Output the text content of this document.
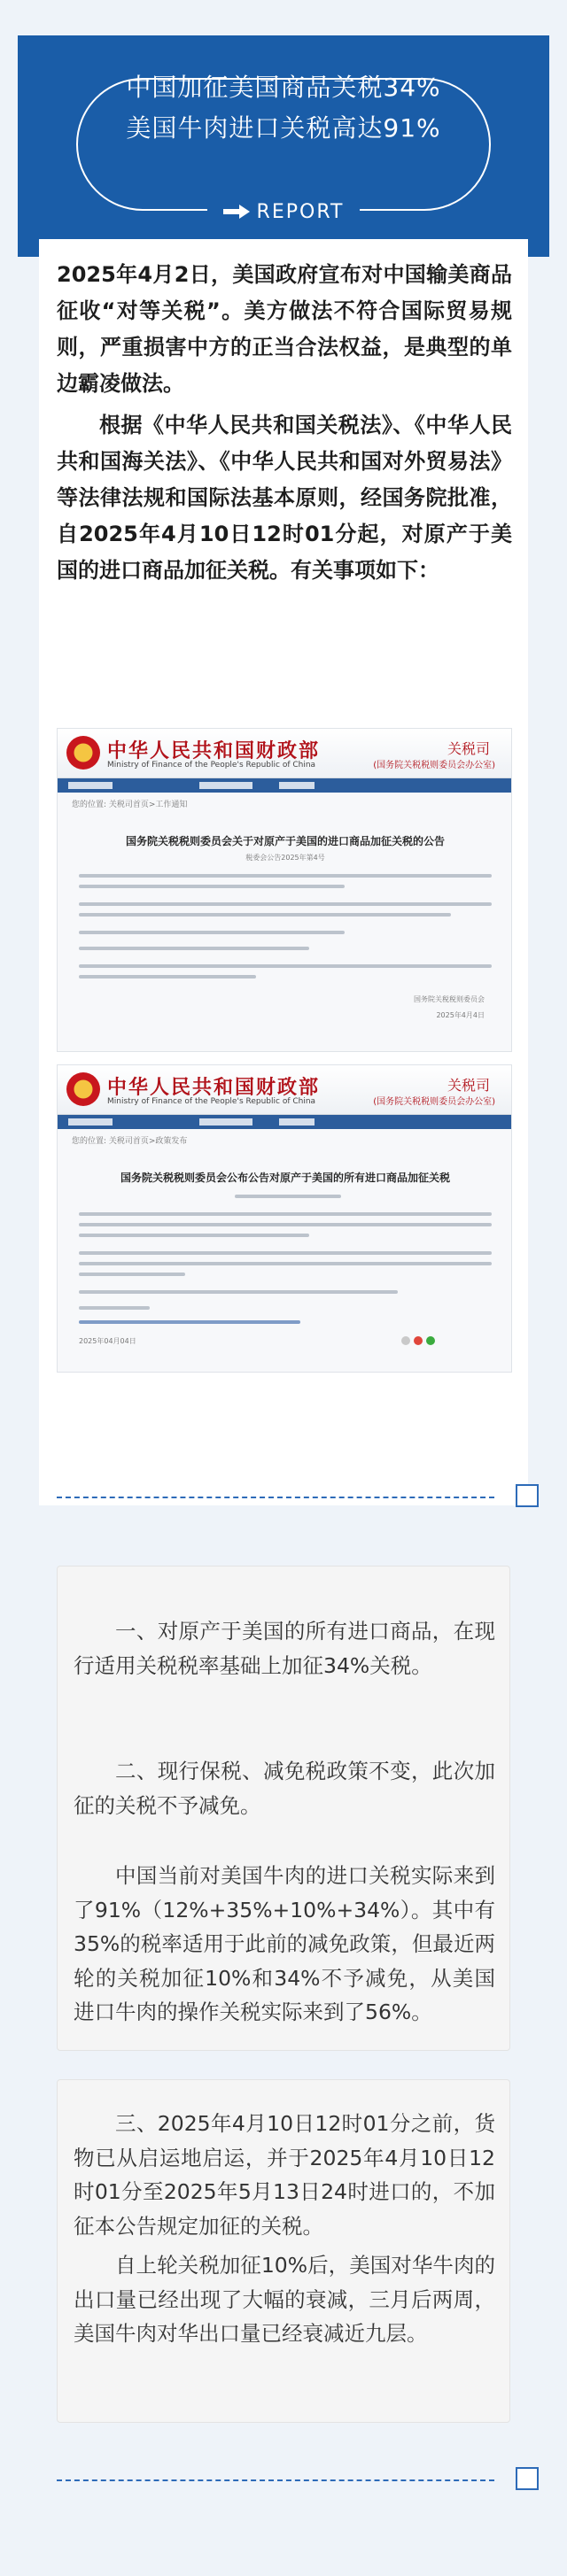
中国加征美国商品关税34%
美国牛肉进口关税高达91%
REPORT

2025年4月2日，美国政府宣布对中国输美商品征收“对等关税”。美方做法不符合国际贸易规则，严重损害中方的正当合法权益，是典型的单边霸凌做法。

根据《中华人民共和国关税法》、《中华人民共和国海关法》、《中华人民共和国对外贸易法》等法律法规和国际法基本原则，经国务院批准，自2025年4月10日12时01分起，对原产于美国的进口商品加征关税。有关事项如下：

中华人民共和国财政部
Ministry of Finance of the People's Republic of China
关税司
(国务院关税税则委员会办公室)
您的位置: 关税司首页>工作通知
国务院关税税则委员会关于对原产于美国的进口商品加征关税的公告
税委会公告2025年第4号
国务院关税税则委员会
2025年4月4日
中华人民共和国财政部
Ministry of Finance of the People's Republic of China
关税司
(国务院关税税则委员会办公室)
您的位置: 关税司首页>政策发布
国务院关税税则委员会公布公告对原产于美国的所有进口商品加征关税
2025年04月04日

一、对原产于美国的所有进口商品，在现行适用关税税率基础上加征34%关税。

二、现行保税、减免税政策不变，此次加征的关税不予减免。

中国当前对美国牛肉的进口关税实际来到了91%（12%+35%+10%+34%）。其中有35%的税率适用于此前的减免政策，但最近两轮的关税加征10%和34%不予减免，从美国进口牛肉的操作关税实际来到了56%。

三、2025年4月10日12时01分之前，货物已从启运地启运，并于2025年4月10日12时01分至2025年5月13日24时进口的，不加征本公告规定加征的关税。

自上轮关税加征10%后，美国对华牛肉的出口量已经出现了大幅的衰减，三月后两周，美国牛肉对华出口量已经衰减近九层。
